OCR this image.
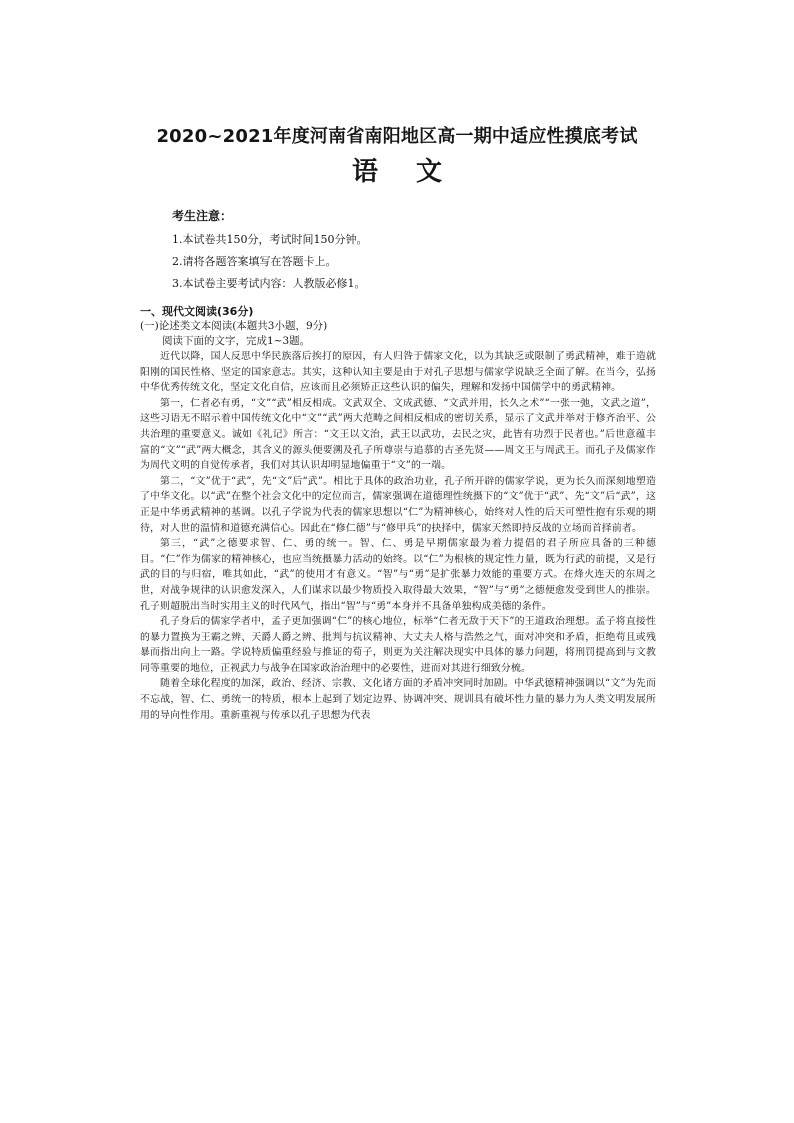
2020~2021年度河南省南阳地区高一期中适应性摸底考试
语文
考生注意：
1.本试卷共150分，考试时间150分钟。
2.请将各题答案填写在答题卡上。
3.本试卷主要考试内容：人教版必修1。
一、现代文阅读(36分)
(一)论述类文本阅读(本题共3小题，9分)
阅读下面的文字，完成1~3题。

近代以降，国人反思中华民族落后挨打的原因，有人归咎于儒家文化，以为其缺乏或限制了勇武精神，难于造就阳刚的国民性格、坚定的国家意志。其实，这种认知主要是由于对孔子思想与儒家学说缺乏全面了解。在当今，弘扬中华优秀传统文化，坚定文化自信，应该而且必须矫正这些认识的偏失，理解和发扬中国儒学中的勇武精神。

第一，仁者必有勇，“文”“武”相反相成。文武双全、文成武德、“文武并用，长久之术”“一张一弛，文武之道”，这些习语无不昭示着中国传统文化中“文”“武”两大范畴之间相反相成的密切关系，显示了文武并举对于修齐治平、公共治理的重要意义。诚如《礼记》所言：“文王以文治，武王以武功，去民之灾，此皆有功烈于民者也。”后世意蕴丰富的“文”“武”两大概念，其含义的源头便要溯及孔子所尊崇与追慕的古圣先贤——周文王与周武王。而孔子及儒家作为周代文明的自觉传承者，我们对其认识却明显地偏重于“文”的一端。

第二，“文”优于“武”，先“文”后“武”。相比于具体的政治功业，孔子所开辟的儒家学说，更为长久而深刻地塑造了中华文化。以“武”在整个社会文化中的定位而言，儒家强调在道德理性统摄下的“文”优于“武”、先“文”后“武”，这正是中华勇武精神的基调。以孔子学说为代表的儒家思想以“仁”为精神核心，始终对人性的后天可塑性抱有乐观的期待，对人世的温情和道德充满信心。因此在“修仁德”与“修甲兵”的抉择中，儒家天然即持反战的立场而首择前者。

第三，“武”之德要求智、仁、勇的统一。智、仁、勇是早期儒家最为着力提倡的君子所应具备的三种德目。“仁”作为儒家的精神核心，也应当统摄暴力活动的始终。以“仁”为根核的规定性力量，既为行武的前提，又是行武的目的与归宿，唯其如此，“武”的使用才有意义。“智”与“勇”是扩张暴力效能的重要方式。在烽火连天的东周之世，对战争规律的认识愈发深入，人们谋求以最少物质投入取得最大效果，“智”与“勇”之德便愈发受到世人的推崇。孔子则超脱出当时实用主义的时代风气，指出“智”与“勇”本身并不具备单独构成美德的条件。

孔子身后的儒家学者中，孟子更加强调“仁”的核心地位，标举“仁者无敌于天下”的王道政治理想。孟子将直接性的暴力置换为王霸之辨、天爵人爵之辨、批判与抗议精神、大丈夫人格与浩然之气，面对冲突和矛盾，拒绝苟且或残暴而指出向上一路。学说特质偏重经验与推证的荀子，则更为关注解决现实中具体的暴力问题，将刑罚提高到与文教同等重要的地位，正视武力与战争在国家政治治理中的必要性，进而对其进行细致分梳。

随着全球化程度的加深，政治、经济、宗教、文化诸方面的矛盾冲突同时加剧。中华武德精神强调以“文”为先而不忘战，智、仁、勇统一的特质，根本上起到了划定边界、协调冲突、规训具有破坏性力量的暴力为人类文明发展所用的导向性作用。重新重视与传承以孔子思想为代表
